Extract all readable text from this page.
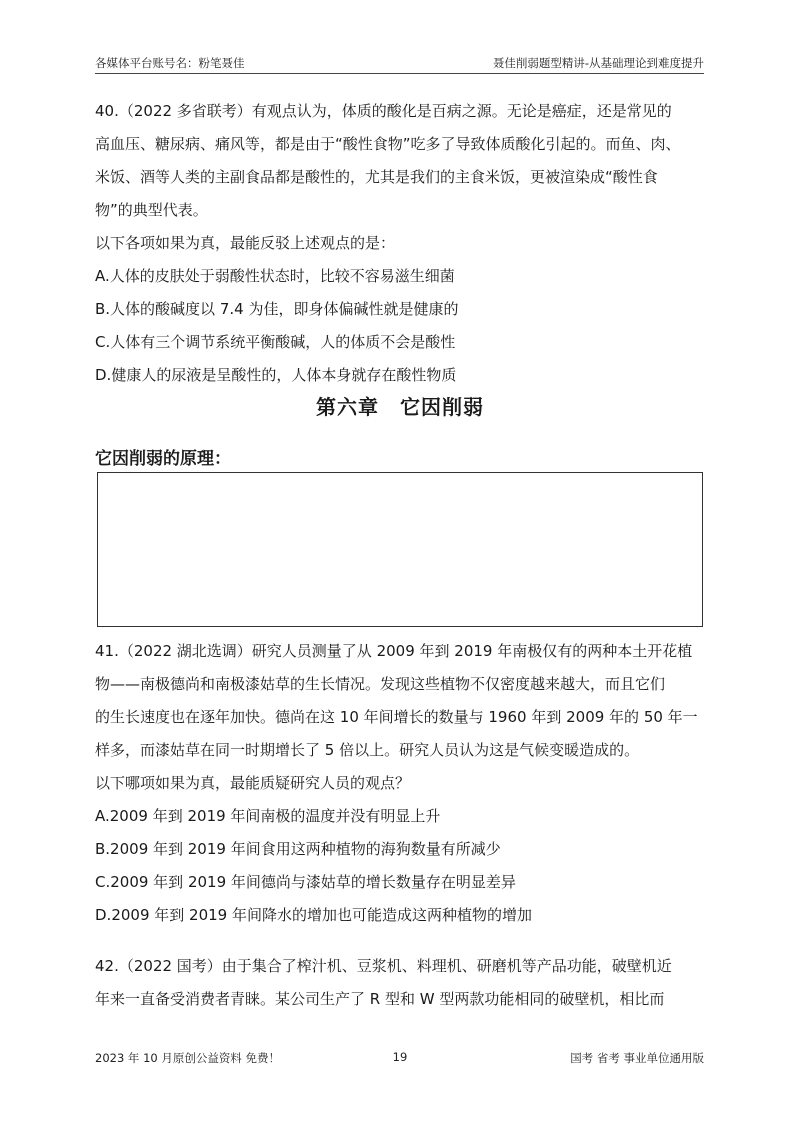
各媒体平台账号名：粉笔聂佳	聂佳削弱题型精讲-从基础理论到难度提升
40.（2022 多省联考）有观点认为，体质的酸化是百病之源。无论是癌症，还是常见的
高血压、糖尿病、痛风等，都是由于“酸性食物”吃多了导致体质酸化引起的。而鱼、肉、
米饭、酒等人类的主副食品都是酸性的，尤其是我们的主食米饭，更被渲染成“酸性食
物”的典型代表。
以下各项如果为真，最能反驳上述观点的是：
A.人体的皮肤处于弱酸性状态时，比较不容易滋生细菌
B.人体的酸碱度以 7.4 为佳，即身体偏碱性就是健康的
C.人体有三个调节系统平衡酸碱，人的体质不会是酸性
D.健康人的尿液是呈酸性的，人体本身就存在酸性物质
第六章　它因削弱
它因削弱的原理：
41.（2022 湖北选调）研究人员测量了从 2009 年到 2019 年南极仅有的两种本土开花植
物——南极德尚和南极漆姑草的生长情况。发现这些植物不仅密度越来越大，而且它们
的生长速度也在逐年加快。德尚在这 10 年间增长的数量与 1960 年到 2009 年的 50 年一
样多，而漆姑草在同一时期增长了 5 倍以上。研究人员认为这是气候变暖造成的。
以下哪项如果为真，最能质疑研究人员的观点？
A.2009 年到 2019 年间南极的温度并没有明显上升
B.2009 年到 2019 年间食用这两种植物的海狗数量有所减少
C.2009 年到 2019 年间德尚与漆姑草的增长数量存在明显差异
D.2009 年到 2019 年间降水的增加也可能造成这两种植物的增加
42.（2022 国考）由于集合了榨汁机、豆浆机、料理机、研磨机等产品功能，破壁机近
年来一直备受消费者青睐。某公司生产了 R 型和 W 型两款功能相同的破壁机，相比而
2023 年 10 月原创公益资料 免费！	19	国考 省考 事业单位通用版
